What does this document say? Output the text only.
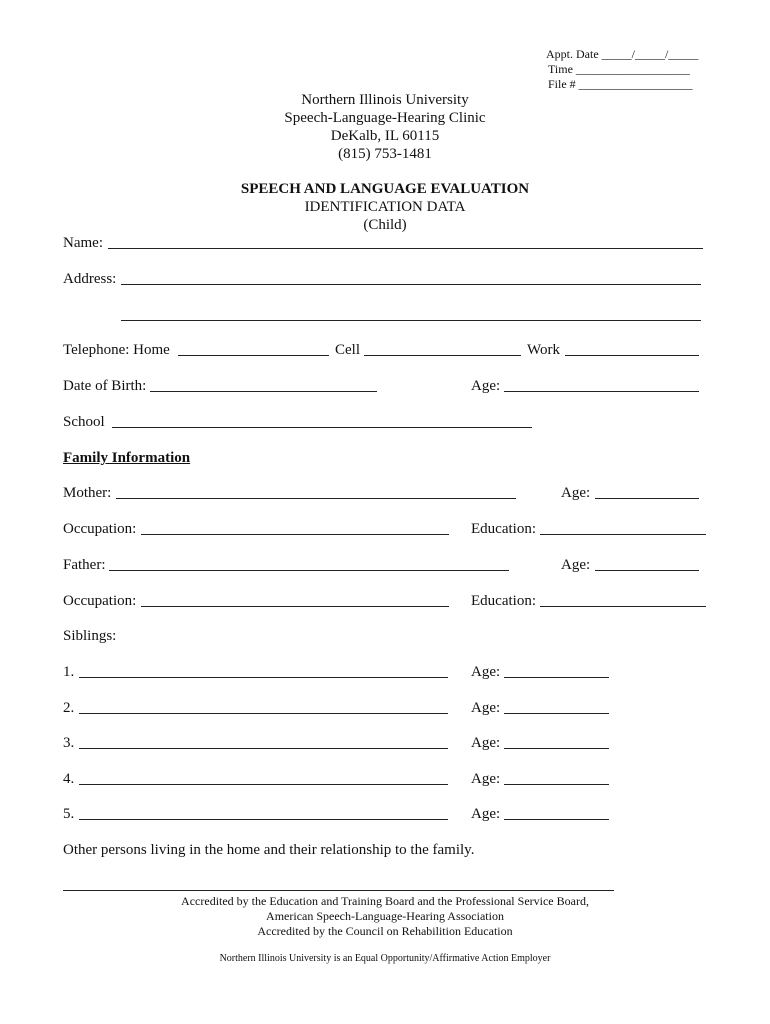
Appt. Date _____/_____/_____
Time ___________________
File # ___________________
Northern Illinois University
Speech-Language-Hearing Clinic
DeKalb, IL 60115
(815) 753-1481
SPEECH AND LANGUAGE EVALUATION
IDENTIFICATION DATA
(Child)
Name:
Address:
Telephone: Home	Cell	Work
Date of Birth:	Age:
School
Family Information
Mother:	Age:
Occupation:	Education:
Father:	Age:
Occupation:	Education:
Siblings:
1.	Age:
2.	Age:
3.	Age:
4.	Age:
5.	Age:
Other persons living in the home and their relationship to the family.
Accredited by the Education and Training Board and the Professional Service Board,
American Speech-Language-Hearing Association
Accredited by the Council on Rehabilition Education
Northern Illinois University is an Equal Opportunity/Affirmative Action Employer
